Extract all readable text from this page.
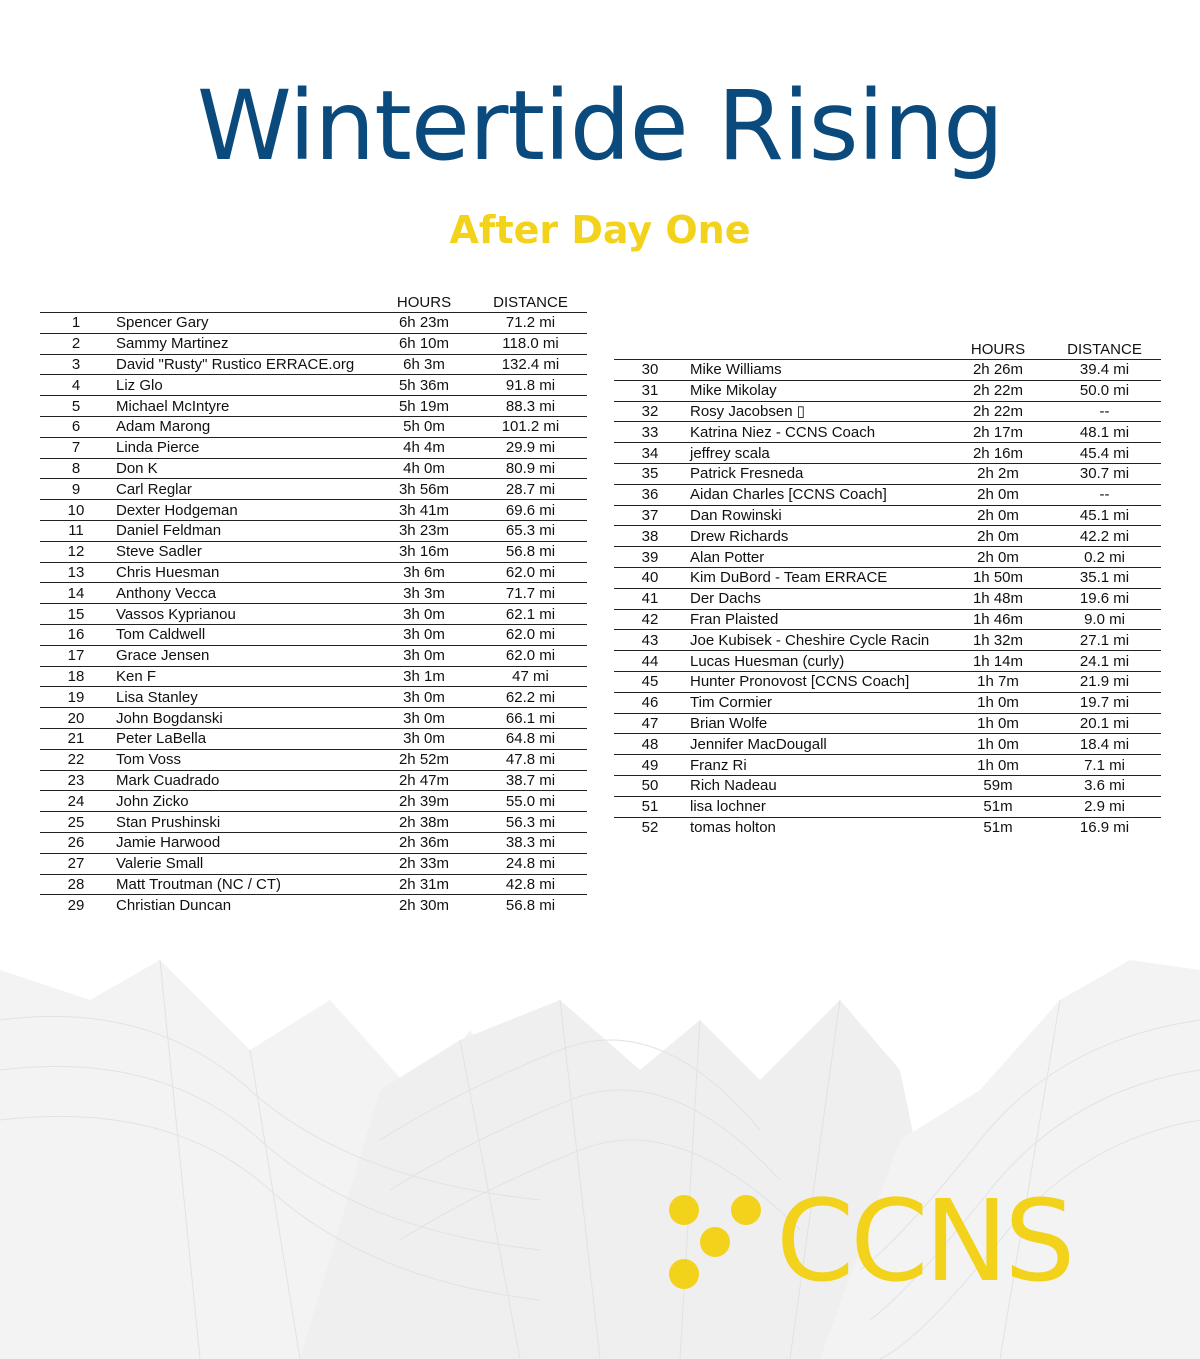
Wintertide Rising
After Day One
		HOURS	DISTANCE
1	Spencer Gary	6h 23m	71.2 mi
2	Sammy Martinez	6h 10m	118.0 mi
3	David "Rusty" Rustico ERRACE.org	6h 3m	132.4 mi
4	Liz Glo	5h 36m	91.8 mi
5	Michael McIntyre	5h 19m	88.3 mi
6	Adam Marong	5h 0m	101.2 mi
7	Linda Pierce	4h 4m	29.9 mi
8	Don K	4h 0m	80.9 mi
9	Carl Reglar	3h 56m	28.7 mi
10	Dexter Hodgeman	3h 41m	69.6 mi
11	Daniel Feldman	3h 23m	65.3 mi
12	Steve Sadler	3h 16m	56.8 mi
13	Chris Huesman	3h 6m	62.0 mi
14	Anthony Vecca	3h 3m	71.7 mi
15	Vassos Kyprianou	3h 0m	62.1 mi
16	Tom Caldwell	3h 0m	62.0 mi
17	Grace Jensen	3h 0m	62.0 mi
18	Ken F	3h 1m	47 mi
19	Lisa Stanley	3h 0m	62.2 mi
20	John Bogdanski	3h 0m	66.1 mi
21	Peter LaBella	3h 0m	64.8 mi
22	Tom Voss	2h 52m	47.8 mi
23	Mark Cuadrado	2h 47m	38.7 mi
24	John Zicko	2h 39m	55.0 mi
25	Stan Prushinski	2h 38m	56.3 mi
26	Jamie Harwood	2h 36m	38.3 mi
27	Valerie Small	2h 33m	24.8 mi
28	Matt Troutman (NC / CT)	2h 31m	42.8 mi
29	Christian Duncan	2h 30m	56.8 mi
		HOURS	DISTANCE
30	Mike Williams	2h 26m	39.4 mi
31	Mike Mikolay	2h 22m	50.0 mi
32	Rosy Jacobsen ▯	2h 22m	--
33	Katrina Niez - CCNS Coach	2h 17m	48.1 mi
34	jeffrey scala	2h 16m	45.4 mi
35	Patrick Fresneda	2h 2m	30.7 mi
36	Aidan Charles [CCNS Coach]	2h 0m	--
37	Dan Rowinski	2h 0m	45.1 mi
38	Drew Richards	2h 0m	42.2 mi
39	Alan Potter	2h 0m	0.2 mi
40	Kim DuBord - Team ERRACE	1h 50m	35.1 mi
41	Der Dachs	1h 48m	19.6 mi
42	Fran Plaisted	1h 46m	9.0 mi
43	Joe Kubisek - Cheshire Cycle Racin	1h 32m	27.1 mi
44	Lucas Huesman (curly)	1h 14m	24.1 mi
45	Hunter Pronovost [CCNS Coach]	1h 7m	21.9 mi
46	Tim Cormier	1h 0m	19.7 mi
47	Brian Wolfe	1h 0m	20.1 mi
48	Jennifer MacDougall	1h 0m	18.4 mi
49	Franz Ri	1h 0m	7.1 mi
50	Rich Nadeau	59m	3.6 mi
51	lisa lochner	51m	2.9 mi
52	tomas holton	51m	16.9 mi
CCNS
